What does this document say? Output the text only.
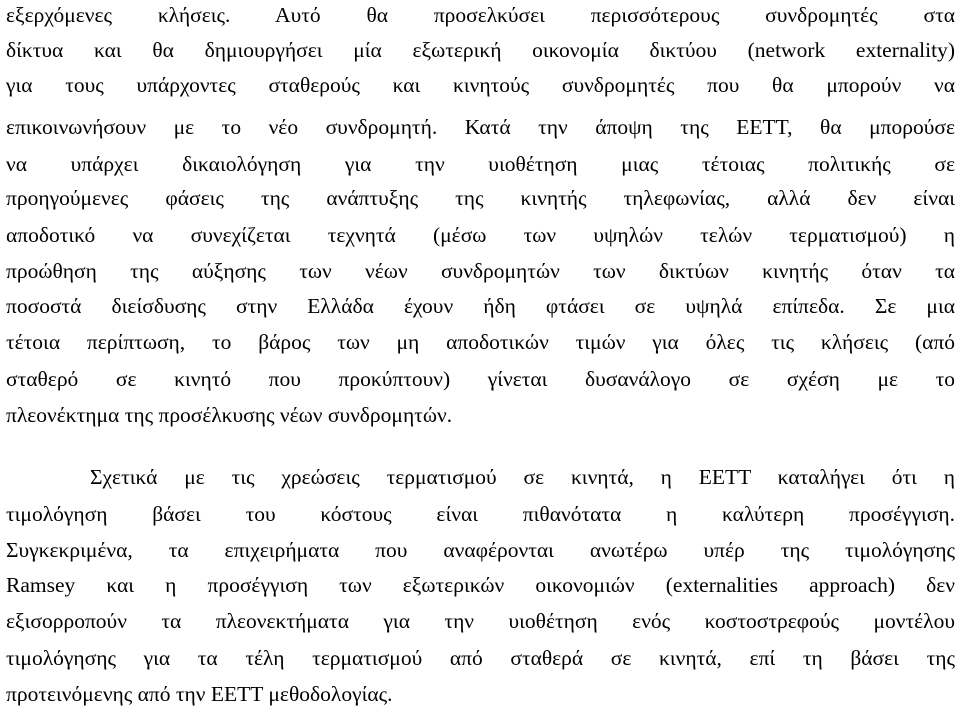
εξερχόμενες κλήσεις. Αυτό θα προσελκύσει περισσότερους συνδρομητές στα
δίκτυα και θα δημιουργήσει μία εξωτερική οικονομία δικτύου (network externality)
για τους υπάρχοντες σταθερούς και κινητούς συνδρομητές που θα μπορούν να
επικοινωνήσουν με το νέο συνδρομητή. Κατά την άποψη της ΕΕΤΤ, θα μπορούσε
να υπάρχει δικαιολόγηση για την υιοθέτηση μιας τέτοιας πολιτικής σε
προηγούμενες φάσεις της ανάπτυξης της κινητής τηλεφωνίας, αλλά δεν είναι
αποδοτικό να συνεχίζεται τεχνητά (μέσω των υψηλών τελών τερματισμού) η
προώθηση της αύξησης των νέων συνδρομητών των δικτύων κινητής όταν τα
ποσοστά διείσδυσης στην Ελλάδα έχουν ήδη φτάσει σε υψηλά επίπεδα. Σε μια
τέτοια περίπτωση, το βάρος των μη αποδοτικών τιμών για όλες τις κλήσεις (από
σταθερό σε κινητό που προκύπτουν) γίνεται δυσανάλογο σε σχέση με το
πλεονέκτημα της προσέλκυσης νέων συνδρομητών.
Σχετικά με τις χρεώσεις τερματισμού σε κινητά, η ΕΕΤΤ καταλήγει ότι η
τιμολόγηση βάσει του κόστους είναι πιθανότατα η καλύτερη προσέγγιση.
Συγκεκριμένα, τα επιχειρήματα που αναφέρονται ανωτέρω υπέρ της τιμολόγησης
Ramsey και η προσέγγιση των εξωτερικών οικονομιών (externalities approach) δεν
εξισορροπούν τα πλεονεκτήματα για την υιοθέτηση ενός κοστοστρεφούς μοντέλου
τιμολόγησης για τα τέλη τερματισμού από σταθερά σε κινητά, επί τη βάσει της
προτεινόμενης από την ΕΕΤΤ μεθοδολογίας.
